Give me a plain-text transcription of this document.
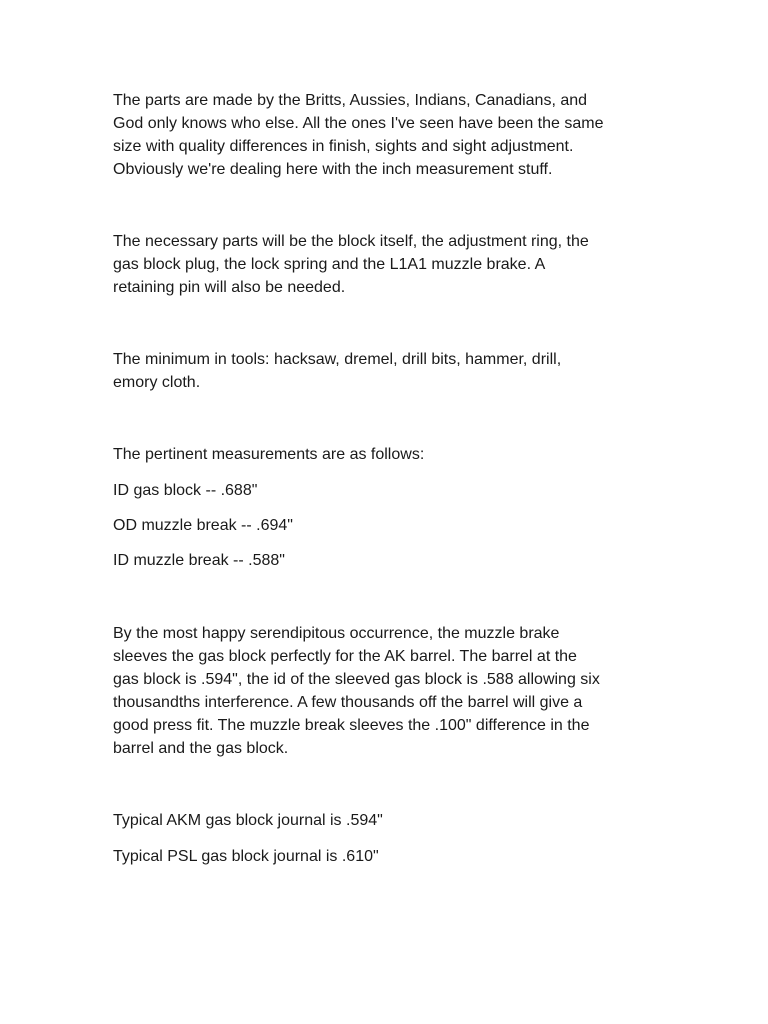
The parts are made by the Britts, Aussies, Indians, Canadians, and
God only knows who else. All the ones I've seen have been the same
size with quality differences in finish, sights and sight adjustment.
Obviously we're dealing here with the inch measurement stuff.

The necessary parts will be the block itself, the adjustment ring, the
gas block plug, the lock spring and the L1A1 muzzle brake. A
retaining pin will also be needed.

The minimum in tools: hacksaw, dremel, drill bits, hammer, drill,
emory cloth.

The pertinent measurements are as follows:

ID gas block -- .688"

OD muzzle break -- .694"

ID muzzle break -- .588"

By the most happy serendipitous occurrence, the muzzle brake
sleeves the gas block perfectly for the AK barrel. The barrel at the
gas block is .594", the id of the sleeved gas block is .588 allowing six
thousandths interference. A few thousands off the barrel will give a
good press fit. The muzzle break sleeves the .100" difference in the
barrel and the gas block.

Typical AKM gas block journal is .594"

Typical PSL gas block journal is .610"
